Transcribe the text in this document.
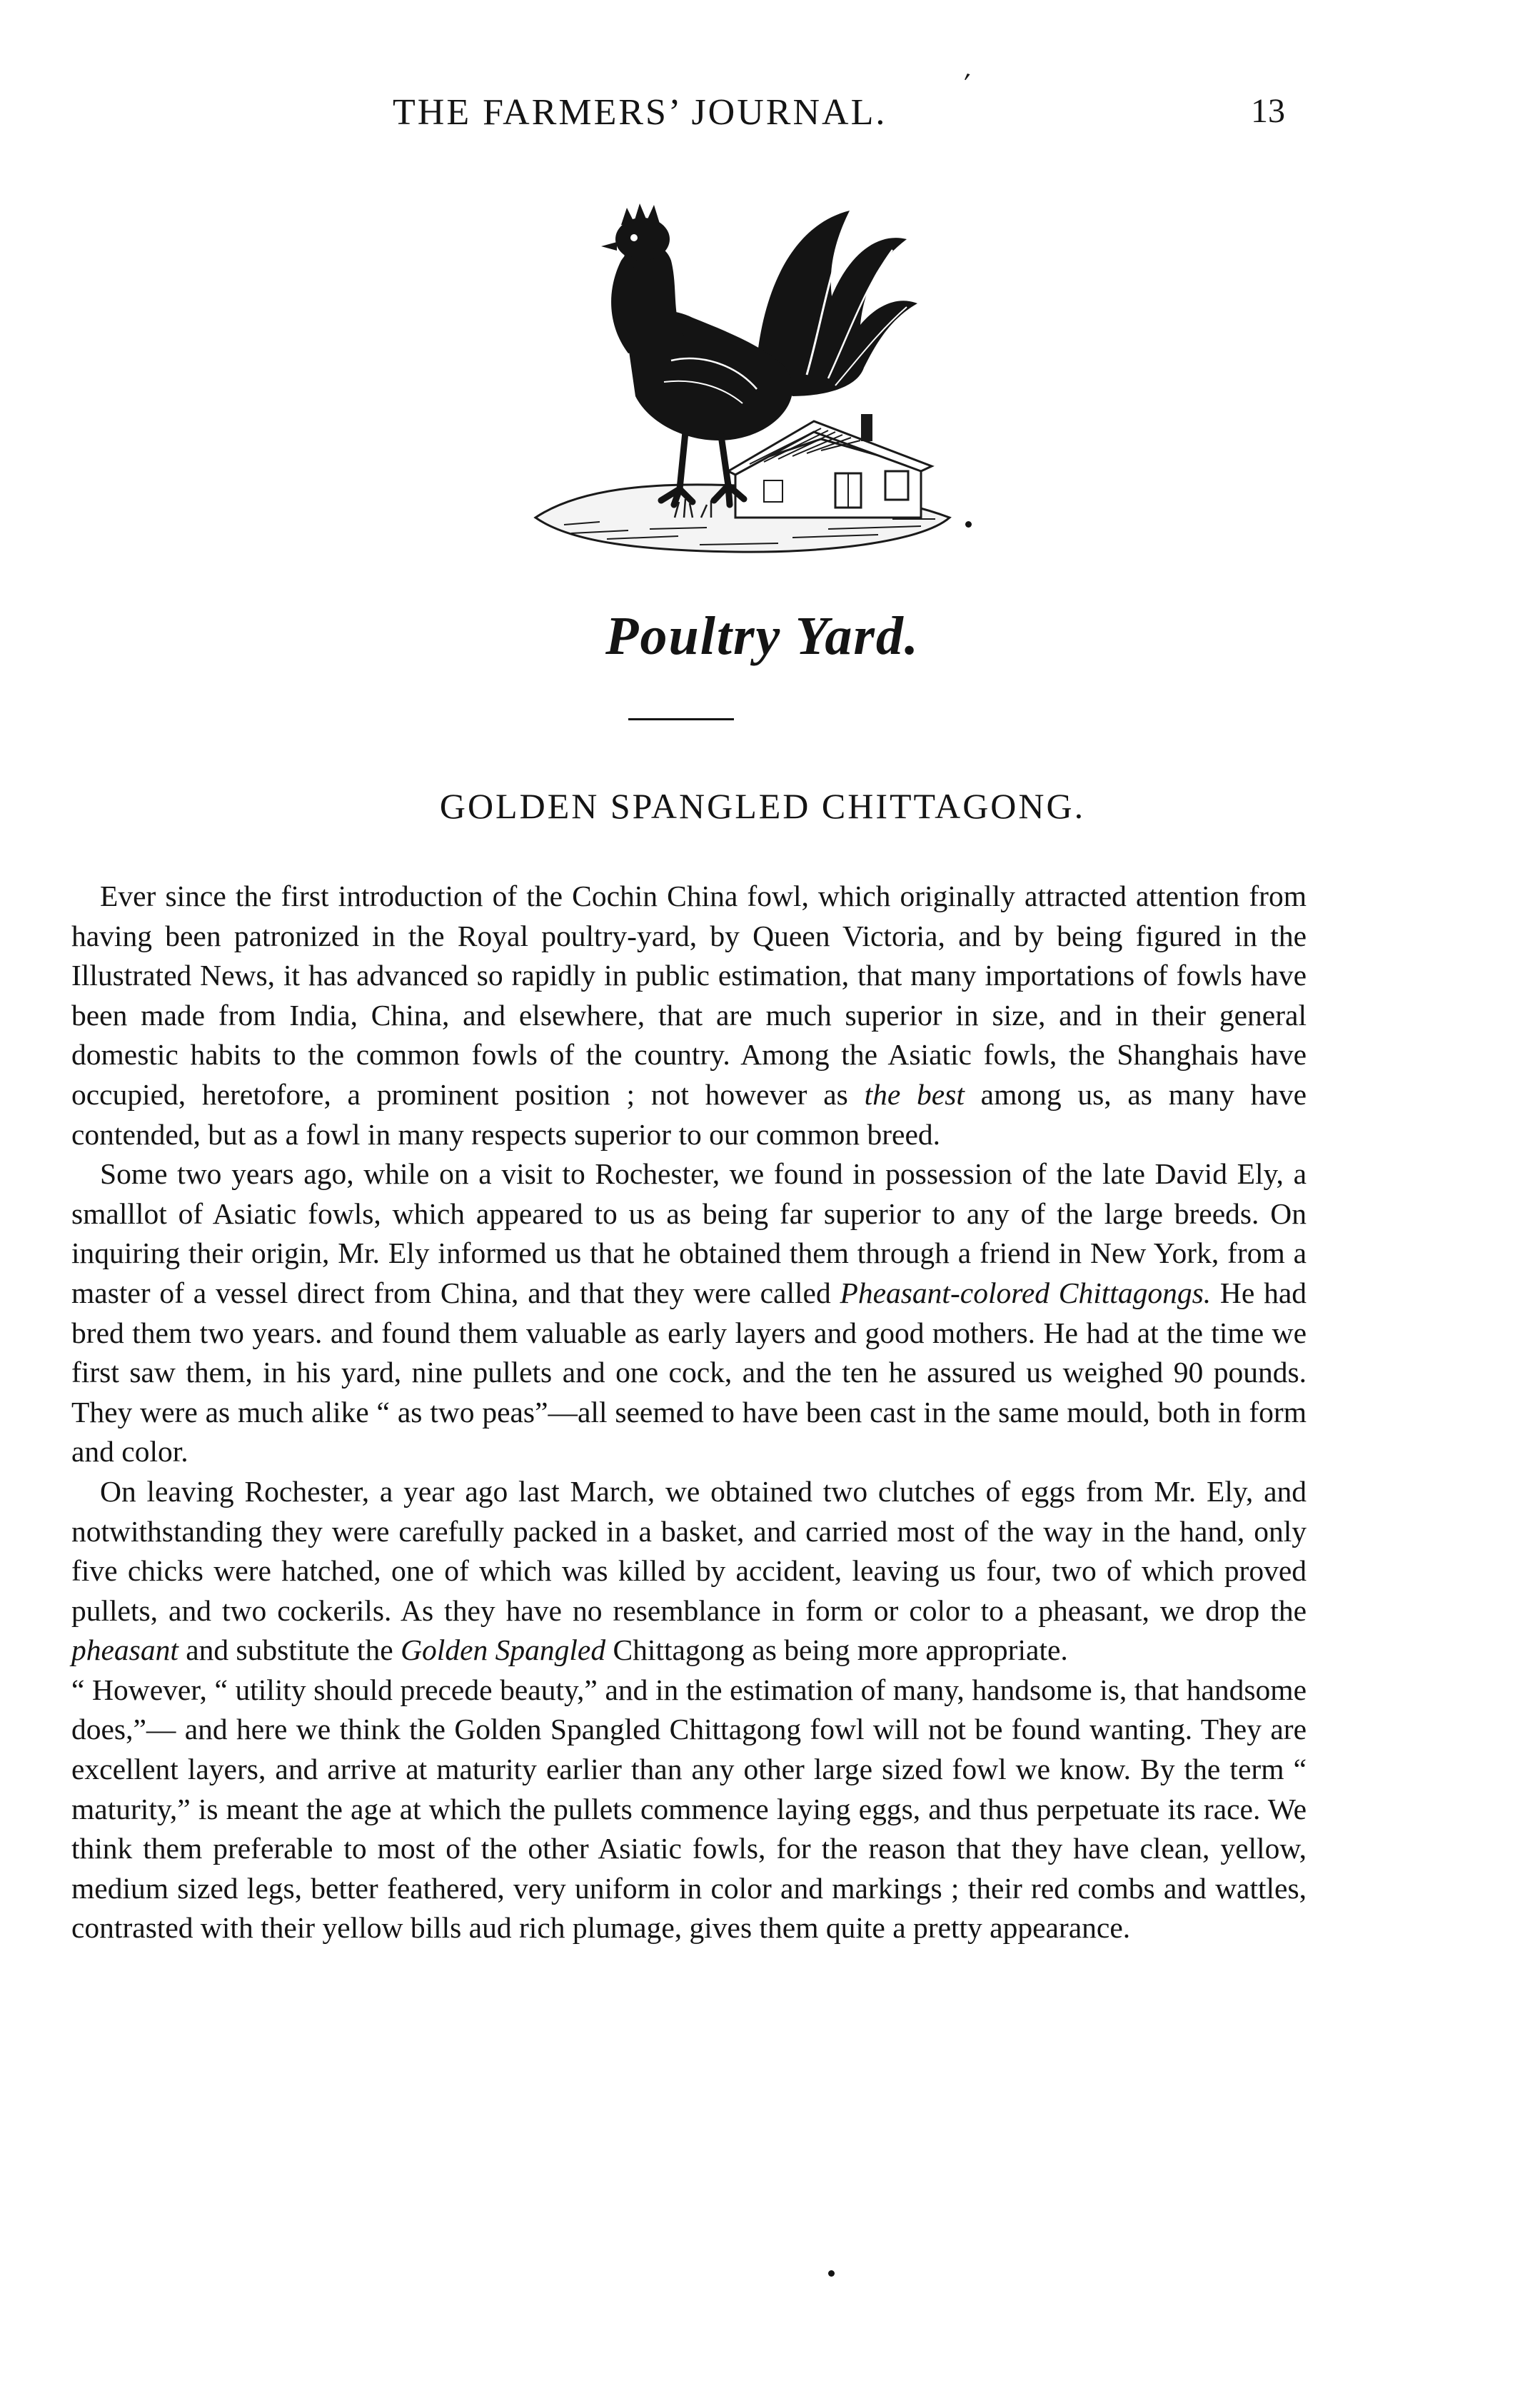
THE FARMERS’ JOURNAL.	13
′
Poultry Yard.
GOLDEN SPANGLED CHITTAGONG.

Ever since the first introduction of the Cochin China fowl, which originally attracted attention from having been patronized in the Royal poultry-yard, by Queen Victoria, and by being figured in the Illustrated News, it has advanced so rapidly in public estimation, that many importations of fowls have been made from India, China, and elsewhere, that are much superior in size, and in their general domestic habits to the common fowls of the country. Among the Asiatic fowls, the Shanghais have occupied, heretofore, a prominent position ; not however as the best among us, as many have contended, but as a fowl in many respects superior to our common breed.

Some two years ago, while on a visit to Rochester, we found in possession of the late David Ely, a smalllot of Asiatic fowls, which appeared to us as being far superior to any of the large breeds. On inquiring their origin, Mr. Ely informed us that he obtained them through a friend in New York, from a master of a vessel direct from China, and that they were called Pheasant-colored Chittagongs. He had bred them two years. and found them valuable as early layers and good mothers. He had at the time we first saw them, in his yard, nine pullets and one cock, and the ten he assured us weighed 90 pounds. They were as much alike “ as two peas”—all seemed to have been cast in the same mould, both in form and color.

On leaving Rochester, a year ago last March, we obtained two clutches of eggs from Mr. Ely, and notwithstanding they were carefully packed in a basket, and carried most of the way in the hand, only five chicks were hatched, one of which was killed by accident, leaving us four, two of which proved pullets, and two cockerils. As they have no resemblance in form or color to a pheasant, we drop the pheasant and substitute the Golden Spangled Chittagong as being more appropriate.

“ However, “ utility should precede beauty,” and in the estimation of many, handsome is, that handsome does,”— and here we think the Golden Spangled Chittagong fowl will not be found wanting. They are excellent layers, and arrive at maturity earlier than any other large sized fowl we know. By the term “ maturity,” is meant the age at which the pullets commence laying eggs, and thus perpetuate its race. We think them preferable to most of the other Asiatic fowls, for the reason that they have clean, yellow, medium sized legs, better feathered, very uniform in color and markings ; their red combs and wattles, contrasted with their yellow bills aud rich plumage, gives them quite a pretty appearance.
